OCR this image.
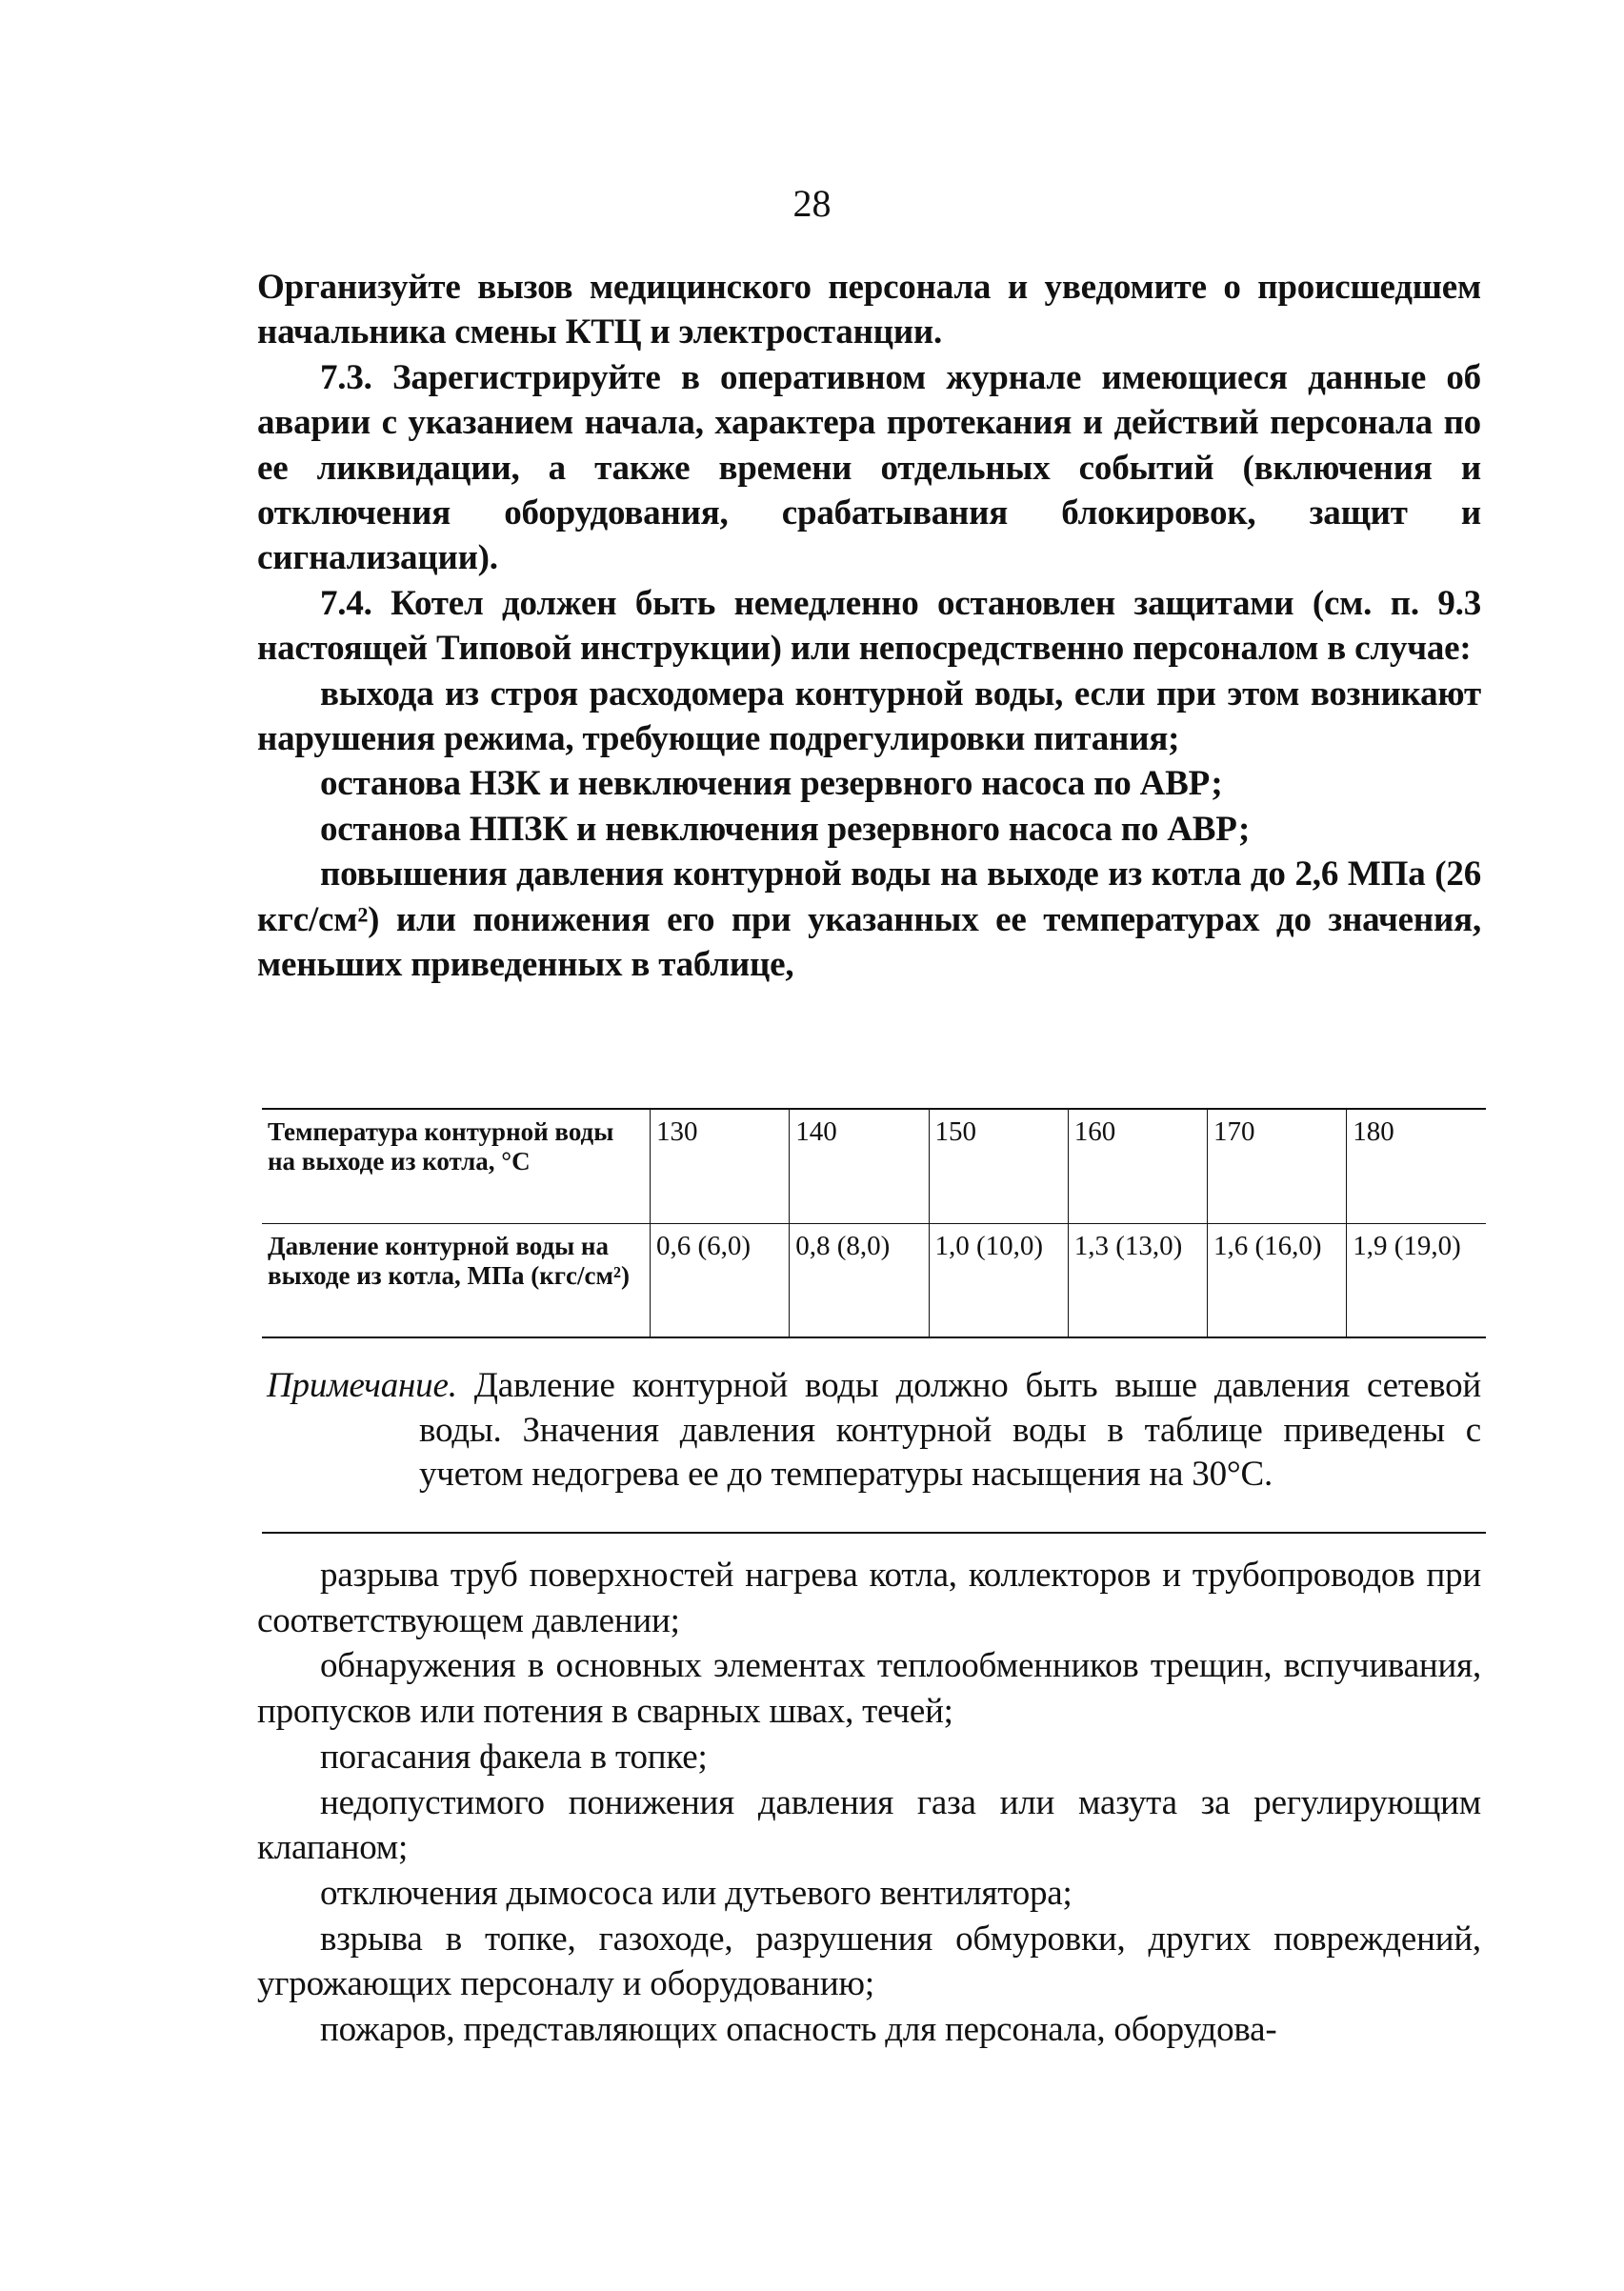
28

Организуйте вызов медицинского персонала и уведомите о происшедшем начальника смены КТЦ и электростанции.

7.3. Зарегистрируйте в оперативном журнале имеющиеся данные об аварии с указанием начала, характера протекания и действий персонала по ее ликвидации, а также времени отдельных событий (включения и отключения оборудования, срабатывания блокировок, защит и сигнализации).

7.4. Котел должен быть немедленно остановлен защитами (см. п. 9.3 настоящей Типовой инструкции) или непосредственно персоналом в случае:

выхода из строя расходомера контурной воды, если при этом возникают нарушения режима, требующие подрегулировки питания;

останова НЗК и невключения резервного насоса по АВР;

останова НПЗК и невключения резервного насоса по АВР;

повышения давления контурной воды на выходе из котла до 2,6 МПа (26 кгс/см²) или понижения его при указанных ее температурах до значения, меньших приведенных в таблице,

Температура контурной воды на выходе из котла, °С	130	140	150	160	170	180
Давление контурной воды на выходе из котла, МПа (кгс/см²)	0,6 (6,0)	0,8 (8,0)	1,0 (10,0)	1,3 (13,0)	1,6 (16,0)	1,9 (19,0)

Примечание. Давление контурной воды должно быть выше давления сетевой воды. Значения давления контурной воды в таблице приведены с учетом недогрева ее до температуры насыщения на 30°С.

разрыва труб поверхностей нагрева котла, коллекторов и трубопроводов при соответствующем давлении;

обнаружения в основных элементах теплообменников трещин, вспучивания, пропусков или потения в сварных швах, течей;

погасания факела в топке;

недопустимого понижения давления газа или мазута за регулирующим клапаном;

отключения дымососа или дутьевого вентилятора;

взрыва в топке, газоходе, разрушения обмуровки, других повреждений, угрожающих персоналу и оборудованию;

пожаров, представляющих опасность для персонала, оборудова-
